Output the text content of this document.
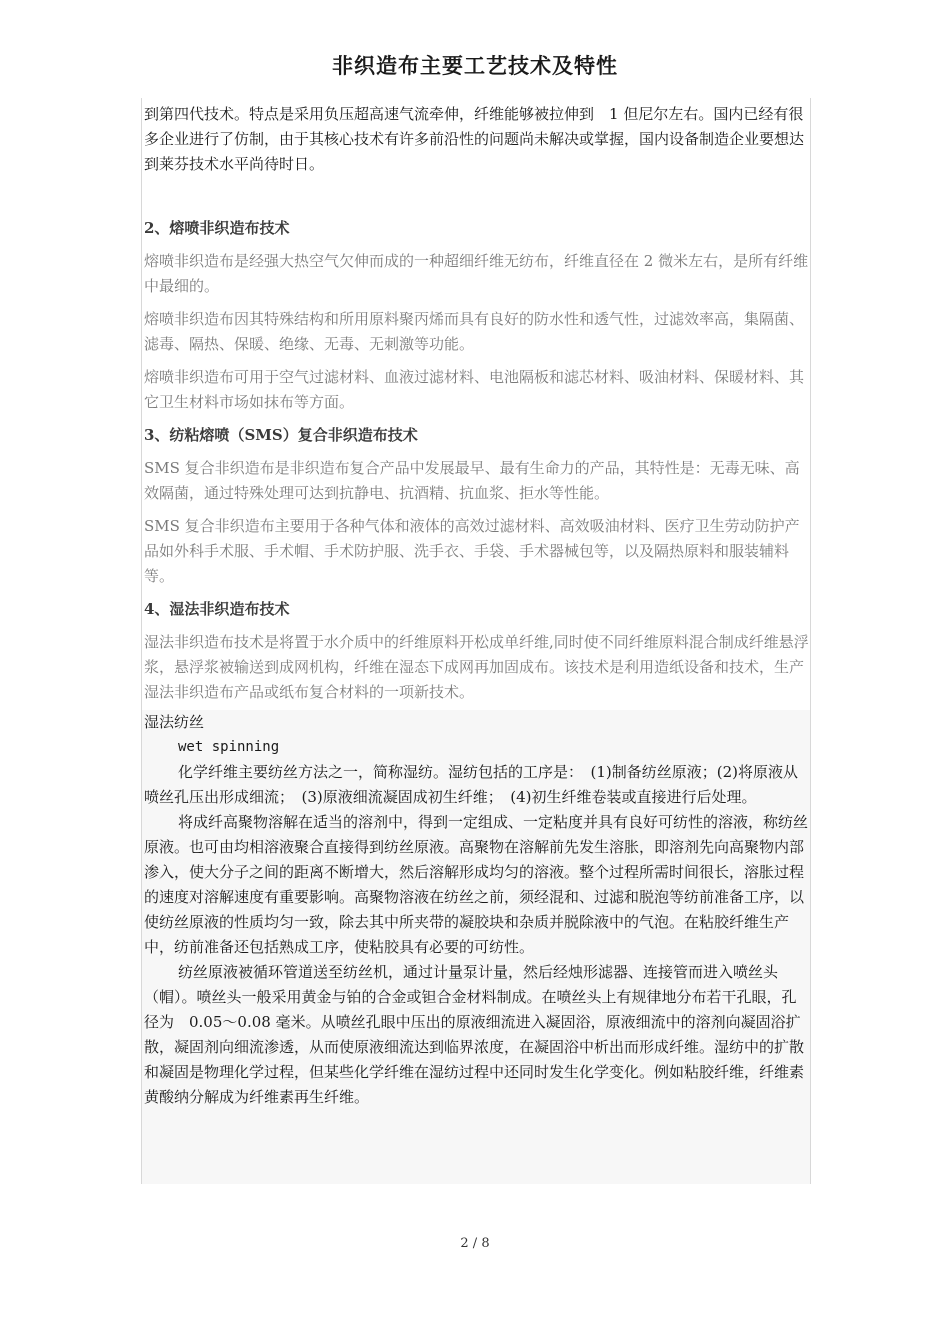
非织造布主要工艺技术及特性

到第四代技术。特点是采用负压超高速气流牵伸，纤维能够被拉伸到　1 但尼尔左右。国内已经有很多企业进行了仿制，由于其核心技术有许多前沿性的问题尚未解决或掌握，国内设备制造企业要想达到莱芬技术水平尚待时日。

2、熔喷非织造布技术

熔喷非织造布是经强大热空气欠伸而成的一种超细纤维无纺布，纤维直径在 2 微米左右，是所有纤维中最细的。

熔喷非织造布因其特殊结构和所用原料聚丙烯而具有良好的防水性和透气性，过滤效率高，集隔菌、滤毒、隔热、保暖、绝缘、无毒、无刺激等功能。

熔喷非织造布可用于空气过滤材料、血液过滤材料、电池隔板和滤芯材料、吸油材料、保暖材料、其它卫生材料市场如抹布等方面。

3、纺粘熔喷（SMS）复合非织造布技术

SMS 复合非织造布是非织造布复合产品中发展最早、最有生命力的产品，其特性是：无毒无味、高效隔菌，通过特殊处理可达到抗静电、抗酒精、抗血浆、拒水等性能。

SMS 复合非织造布主要用于各种气体和液体的高效过滤材料、高效吸油材料、医疗卫生劳动防护产品如外科手术服、手术帽、手术防护服、洗手衣、手袋、手术器械包等，以及隔热原料和服装辅料等。

4、湿法非织造布技术

湿法非织造布技术是将置于水介质中的纤维原料开松成单纤维,同时使不同纤维原料混合制成纤维悬浮浆，悬浮浆被输送到成网机构，纤维在湿态下成网再加固成布。该技术是利用造纸设备和技术，生产湿法非织造布产品或纸布复合材料的一项新技术。

湿法纺丝

wet spinning

化学纤维主要纺丝方法之一，简称湿纺。湿纺包括的工序是：　(1)制备纺丝原液；(2)将原液从喷丝孔压出形成细流；　(3)原液细流凝固成初生纤维；　(4)初生纤维卷装或直接进行后处理。

将成纤高聚物溶解在适当的溶剂中，得到一定组成、一定粘度并具有良好可纺性的溶液，称纺丝原液。也可由均相溶液聚合直接得到纺丝原液。高聚物在溶解前先发生溶胀，即溶剂先向高聚物内部渗入，使大分子之间的距离不断增大，然后溶解形成均匀的溶液。整个过程所需时间很长，溶胀过程的速度对溶解速度有重要影响。高聚物溶液在纺丝之前，须经混和、过滤和脱泡等纺前准备工序，以使纺丝原液的性质均匀一致，除去其中所夹带的凝胶块和杂质并脱除液中的气泡。在粘胶纤维生产中，纺前准备还包括熟成工序，使粘胶具有必要的可纺性。

纺丝原液被循环管道送至纺丝机，通过计量泵计量，然后经烛形滤器、连接管而进入喷丝头（帽）。喷丝头一般采用黄金与铂的合金或钽合金材料制成。在喷丝头上有规律地分布若干孔眼，孔径为　0.05～0.08 毫米。从喷丝孔眼中压出的原液细流进入凝固浴，原液细流中的溶剂向凝固浴扩散，凝固剂向细流渗透，从而使原液细流达到临界浓度，在凝固浴中析出而形成纤维。湿纺中的扩散和凝固是物理化学过程，但某些化学纤维在湿纺过程中还同时发生化学变化。例如粘胶纤维，纤维素黄酸纳分解成为纤维素再生纤维。

2 / 8
